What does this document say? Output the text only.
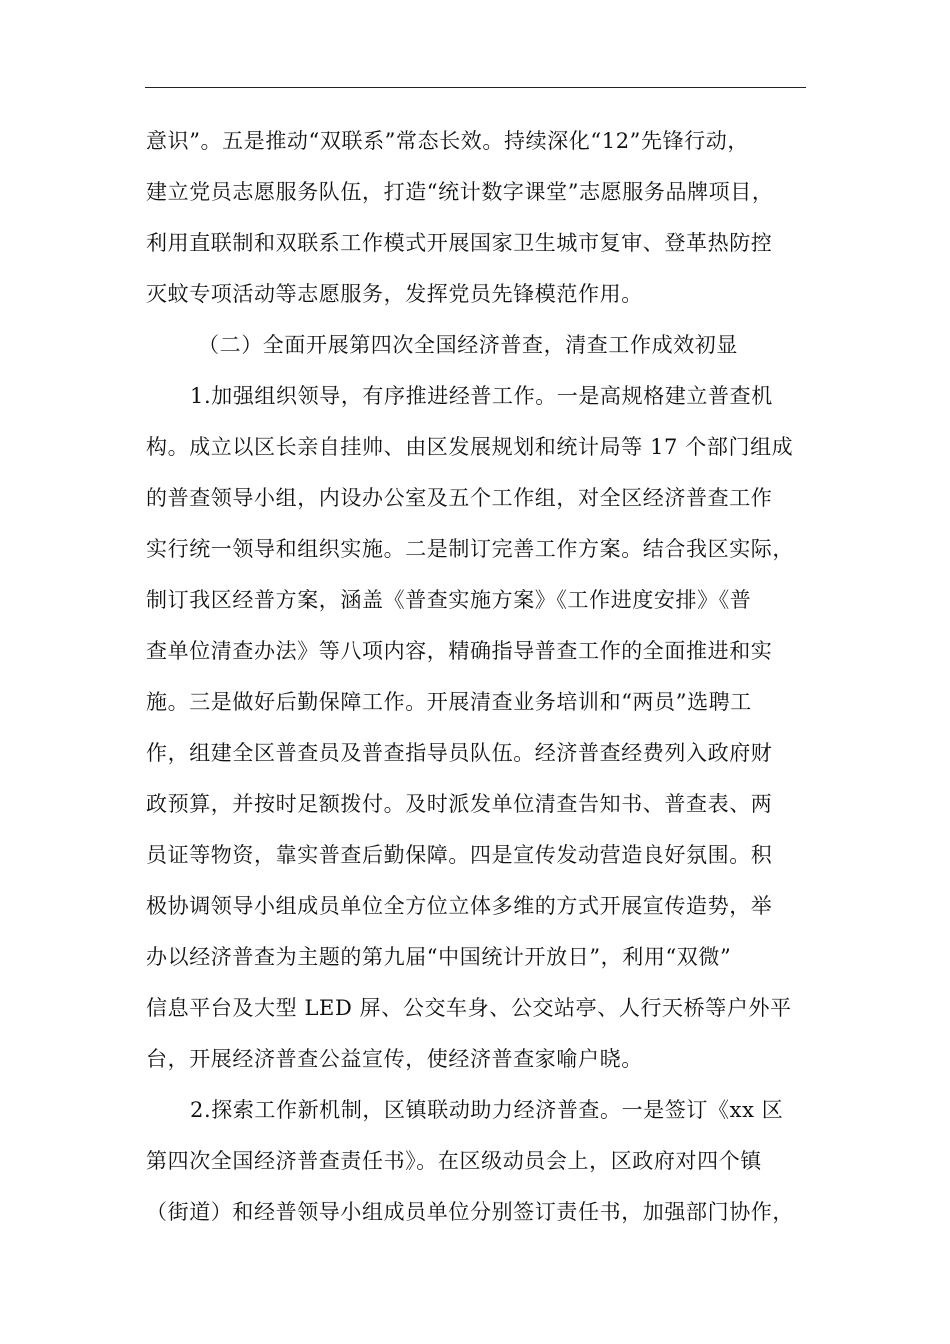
意识”。五是推动“双联系”常态长效。持续深化“12”先锋行动，
建立党员志愿服务队伍，打造“统计数字课堂”志愿服务品牌项目，
利用直联制和双联系工作模式开展国家卫生城市复审、登革热防控
灭蚊专项活动等志愿服务，发挥党员先锋模范作用。
（二）全面开展第四次全国经济普查，清查工作成效初显
1.加强组织领导，有序推进经普工作。一是高规格建立普查机
构。成立以区长亲自挂帅、由区发展规划和统计局等 17 个部门组成
的普查领导小组，内设办公室及五个工作组，对全区经济普查工作
实行统一领导和组织实施。二是制订完善工作方案。结合我区实际，
制订我区经普方案，涵盖《普查实施方案》《工作进度安排》《普
查单位清查办法》等八项内容，精确指导普查工作的全面推进和实
施。三是做好后勤保障工作。开展清查业务培训和“两员”选聘工
作，组建全区普查员及普查指导员队伍。经济普查经费列入政府财
政预算，并按时足额拨付。及时派发单位清查告知书、普查表、两
员证等物资，靠实普查后勤保障。四是宣传发动营造良好氛围。积
极协调领导小组成员单位全方位立体多维的方式开展宣传造势，举
办以经济普查为主题的第九届“中国统计开放日”，利用“双微”
信息平台及大型 LED 屏、公交车身、公交站亭、人行天桥等户外平
台，开展经济普查公益宣传，使经济普查家喻户晓。
2.探索工作新机制，区镇联动助力经济普查。一是签订《xx 区
第四次全国经济普查责任书》。在区级动员会上，区政府对四个镇
（街道）和经普领导小组成员单位分别签订责任书，加强部门协作，
